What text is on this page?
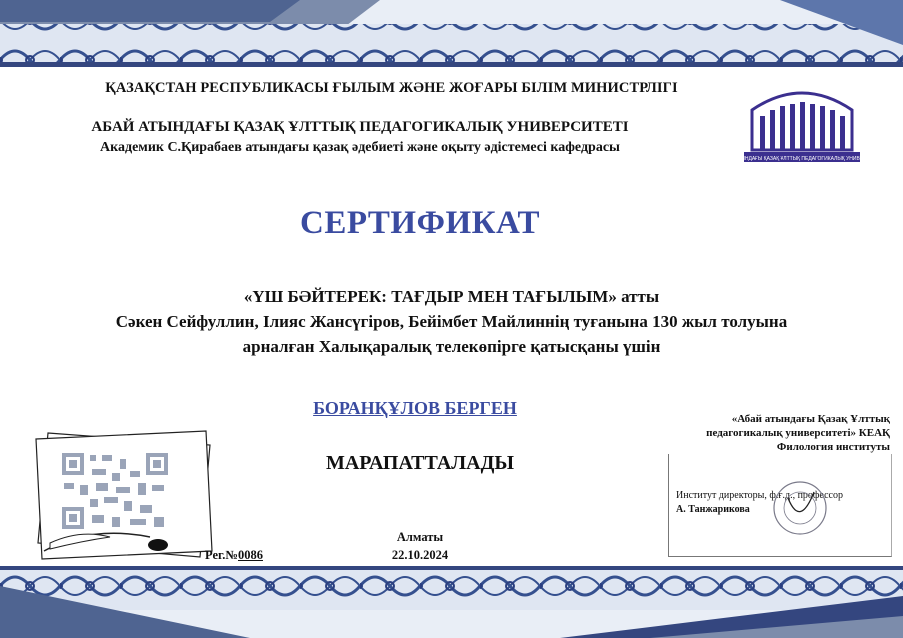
ҚАЗАҚСТАН РЕСПУБЛИКАСЫ ҒЫЛЫМ ЖӘНЕ ЖОҒАРЫ БІЛІМ МИНИСТРЛІГІ
АБАЙ АТЫНДАҒЫ ҚАЗАҚ ҰЛТТЫҚ ПЕДАГОГИКАЛЫҚ УНИВЕРСИТЕТІ
Академик С.Қирабаев атындағы қазақ әдебиеті және оқыту әдістемесі кафедрасы
АБАЙ АТЫНДАҒЫ ҚАЗАҚ ҰЛТТЫҚ ПЕДАГОГИКАЛЫҚ УНИВЕРСИТЕТІ
СЕРТИФИКАТ
«ҮШ БӘЙТЕРЕК: ТАҒДЫР МЕН ТАҒЫЛЫМ» атты
Сәкен Сейфуллин, Ілияс Жансүгіров, Бейімбет Майлиннің туғанына 130 жыл толуына
арналған Халықаралық телекөпірге қатысқаны үшін
БОРАНҚҰЛОВ БЕРГЕН
МАРАПАТТАЛАДЫ
Рег.№0086
Алматы
22.10.2024
«Абай атындағы Қазақ Ұлттық педагогикалық университеті» КЕАҚ Филология институты
Институт директоры, ф.ғ.д., профессор
А. Танжарикова
